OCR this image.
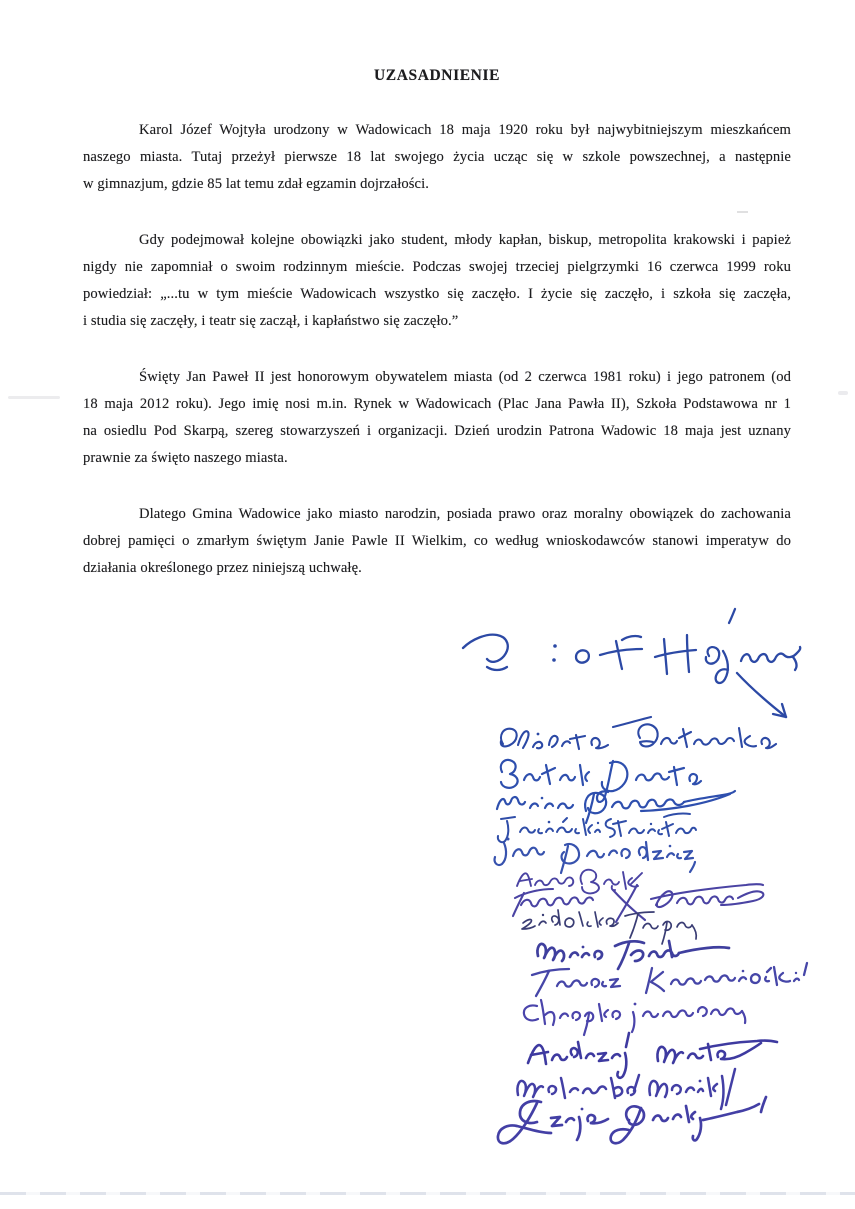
UZASADNIENIE
Karol Józef Wojtyła urodzony w Wadowicach 18 maja 1920 roku był najwybitniejszym mieszkańcem
naszego miasta. Tutaj przeżył pierwsze 18 lat swojego życia ucząc się w szkole powszechnej, a następnie
w gimnazjum, gdzie 85 lat temu zdał egzamin dojrzałości.
Gdy podejmował kolejne obowiązki jako student, młody kapłan, biskup, metropolita krakowski i papież
nigdy nie zapomniał o swoim rodzinnym mieście. Podczas swojej trzeciej pielgrzymki 16 czerwca 1999 roku
powiedział: „...tu w tym mieście Wadowicach wszystko się zaczęło. I życie się zaczęło, i szkoła się zaczęła,
i studia się zaczęły, i teatr się zaczął, i kapłaństwo się zaczęło.”
Święty Jan Paweł II jest honorowym obywatelem miasta (od 2 czerwca 1981 roku) i jego patronem (od
18 maja 2012 roku). Jego imię nosi m.in. Rynek w Wadowicach (Plac Jana Pawła II), Szkoła Podstawowa nr 1
na osiedlu Pod Skarpą, szereg stowarzyszeń i organizacji. Dzień urodzin Patrona Wadowic 18 maja jest uznany
prawnie za święto naszego miasta.
Dlatego Gmina Wadowice jako miasto narodzin, posiada prawo oraz moralny obowiązek do zachowania
dobrej pamięci o zmarłym świętym Janie Pawle II Wielkim, co według wnioskodawców stanowi imperatyw do
działania określonego przez niniejszą uchwałę.
